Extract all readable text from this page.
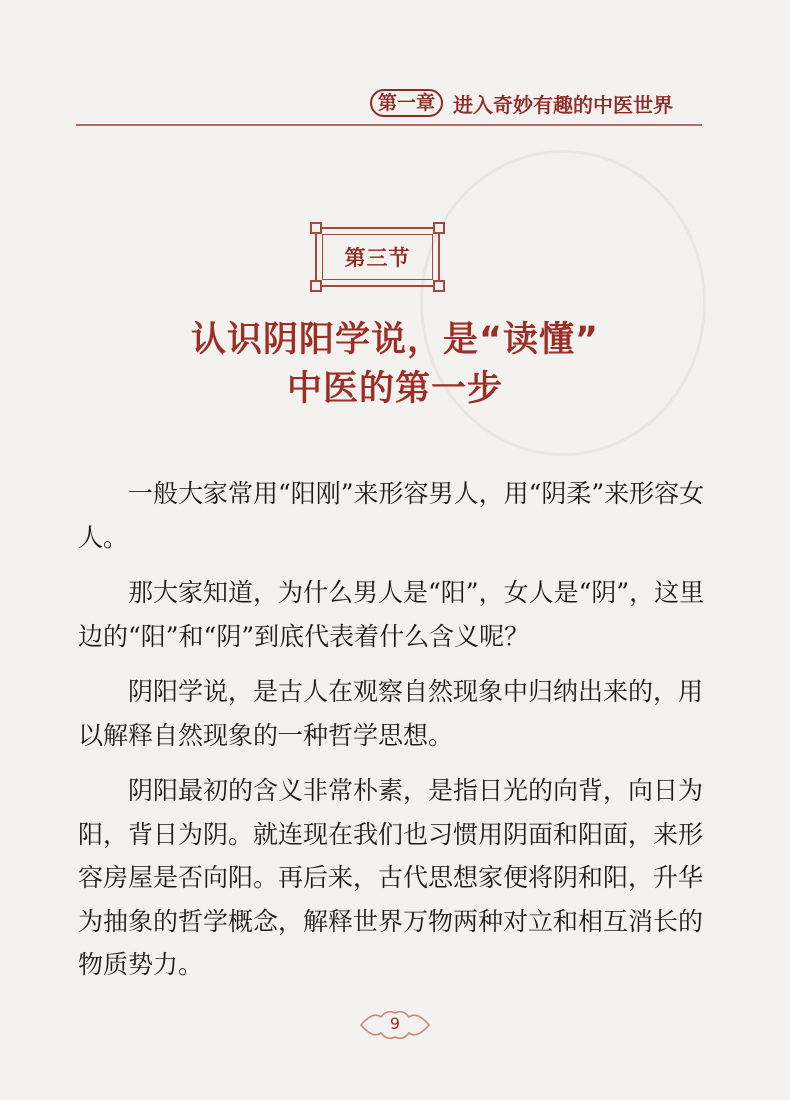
第一章 进入奇妙有趣的中医世界
第三节
认识阴阳学说，是“读懂”
中医的第一步

一般大家常用“阳刚”来形容男人，用“阴柔”来形容女人。

那大家知道，为什么男人是“阳”，女人是“阴”，这里边的“阳”和“阴”到底代表着什么含义呢？

阴阳学说，是古人在观察自然现象中归纳出来的，用以解释自然现象的一种哲学思想。

阴阳最初的含义非常朴素，是指日光的向背，向日为阳，背日为阴。就连现在我们也习惯用阴面和阳面，来形容房屋是否向阳。再后来，古代思想家便将阴和阳，升华为抽象的哲学概念，解释世界万物两种对立和相互消长的物质势力。

9
